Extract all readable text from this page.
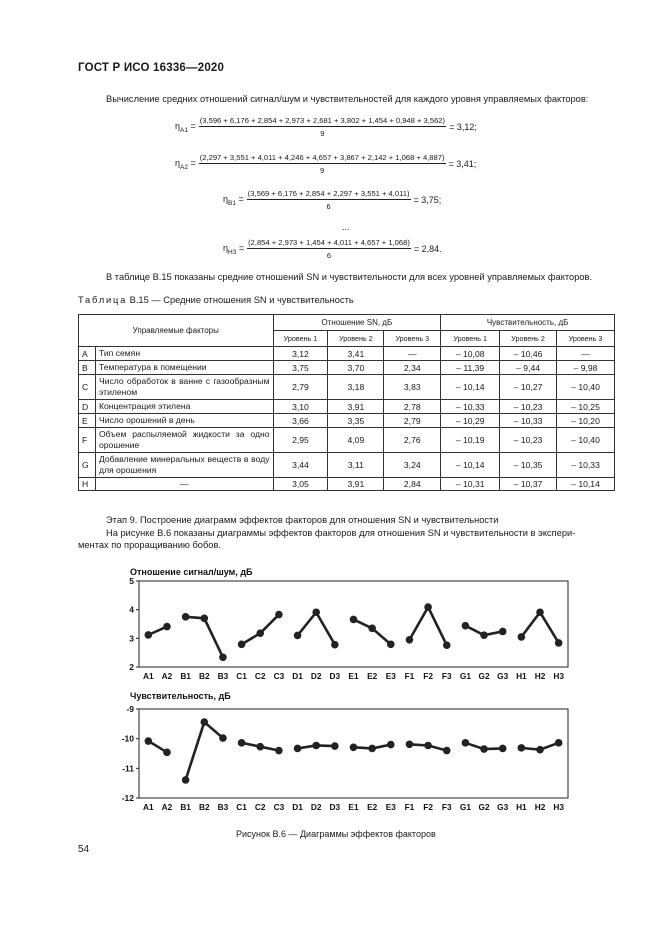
ГОСТ Р ИСО 16336—2020
Вычисление средних отношений сигнал/шум и чувствительностей для каждого уровня управляемых факторов:
$\eta_{A1}$ =
(3,596 + 6,176 + 2,854 + 2,973 + 2,681 + 3,802 + 1,454 + 0,948 + 3,562)
9
= 3,12;
$\eta_{A2}$ =
(2,297 + 3,551 + 4,011 + 4,246 + 4,657 + 3,867 + 2,142 + 1,068 + 4,887)
9
= 3,41;
$\eta_{B1} = \frac{(3,569 + 6,176 + 2,854 + 2,297 + 3,551 + 4,011)}{6} = 3,75$;
...
$\eta_{H3} = \frac{(2,854 + 2,973 + 1,454 + 4,011 + 4,657 + 1,068)}{6} = 2,84$.
В таблице B.15 показаны средние отношений SN и чувствительности для всех уровней управляемых факторов.
Таблица B.15 — Средние отношения SN и чувствительность
Управляемые факторы		Отношение SN, дБ			Чувствительность, дБ		
		Уровень 1	Уровень 2	Уровень 3	Уровень 1	Уровень 2	Уровень 3
A	Тип семян	3,12	3,41	—	– 10,08	– 10,46	—
B	Температура в помещении	3,75	3,70	2,34	– 11,39	– 9,44	– 9,98
C	Число обработок в ванне с газообразным этиленом	2,79	3,18	3,83	– 10,14	– 10,27	– 10,40
D	Концентрация этилена	3,10	3,91	2,78	– 10,33	– 10,23	– 10,25
E	Число орошений в день	3,66	3,35	2,79	– 10,29	– 10,33	– 10,20
F	Объем распыляемой жидкости за одно орошение	2,95	4,09	2,76	– 10,19	– 10,23	– 10,40
G	Добавление минеральных веществ в воду для орошения	3,44	3,11	3,24	– 10,14	– 10,35	– 10,33
H	—	3,05	3,91	2,84	– 10,31	– 10,37	– 10,14
Этап 9. Построение диаграмм эффектов факторов для отношения SN и чувствительности
На рисунке B.6 показаны диаграммы эффектов факторов для отношения SN и чувствительности в экспери-
ментах по проращиванию бобов.
Отношение сигнал/шум, дБ
5
4
3
2
A1 A2 B1 B2 B3 C1 C2 C3 D1 D2 D3 E1 E2 E3 F1 F2 F3 G1 G2 G3 H1 H2 H3
Чувствительность, дБ
-9
-10
-11
-12
A1 A2 B1 B2 B3 C1 C2 C3 D1 D2 D3 E1 E2 E3 F1 F2 F3 G1 G2 G3 H1 H2 H3
Рисунок B.6 — Диаграммы эффектов факторов
54
